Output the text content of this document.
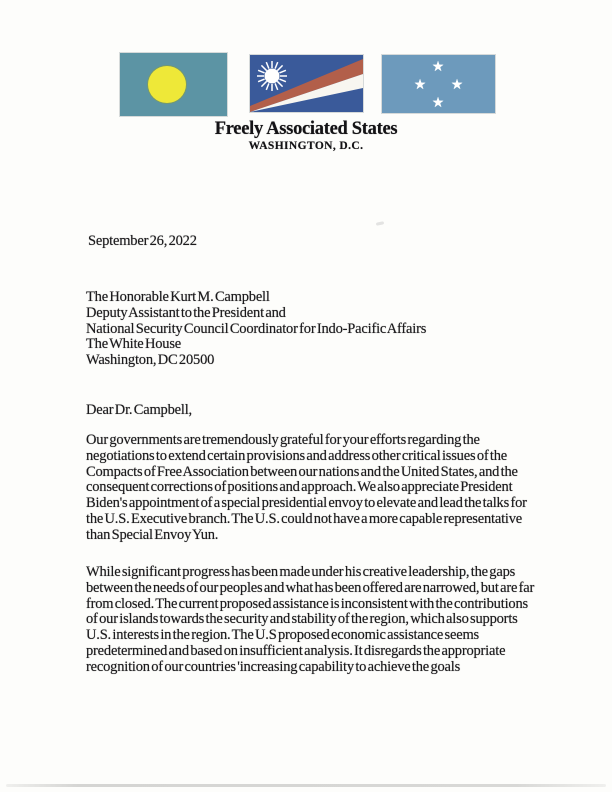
★
★ ★
★
Freely Associated States
WASHINGTON, D.C.
September 26, 2022
The Honorable Kurt M. Campbell
Deputy Assistant to the President and
National Security Council Coordinator for Indo-Pacific Affairs
The White House
Washington, DC 20500
Dear Dr. Campbell,

Our governments are tremendously grateful for your efforts regarding the negotiations to extend certain provisions and address other critical issues of the Compacts of Free Association between our nations and the United States, and the consequent corrections of positions and approach. We also appreciate President Biden's appointment of a special presidential envoy to elevate and lead the talks for the U.S. Executive branch. The U.S. could not have a more capable representative than Special Envoy Yun.

While significant progress has been made under his creative leadership, the gaps between the needs of our peoples and what has been offered are narrowed, but are far from closed. The current proposed assistance is inconsistent with the contributions of our islands towards the security and stability of the region, which also supports U.S. interests in the region. The U.S proposed economic assistance seems predetermined and based on insufficient analysis. It disregards the appropriate recognition of our countries 'increasing capability to achieve the goals
